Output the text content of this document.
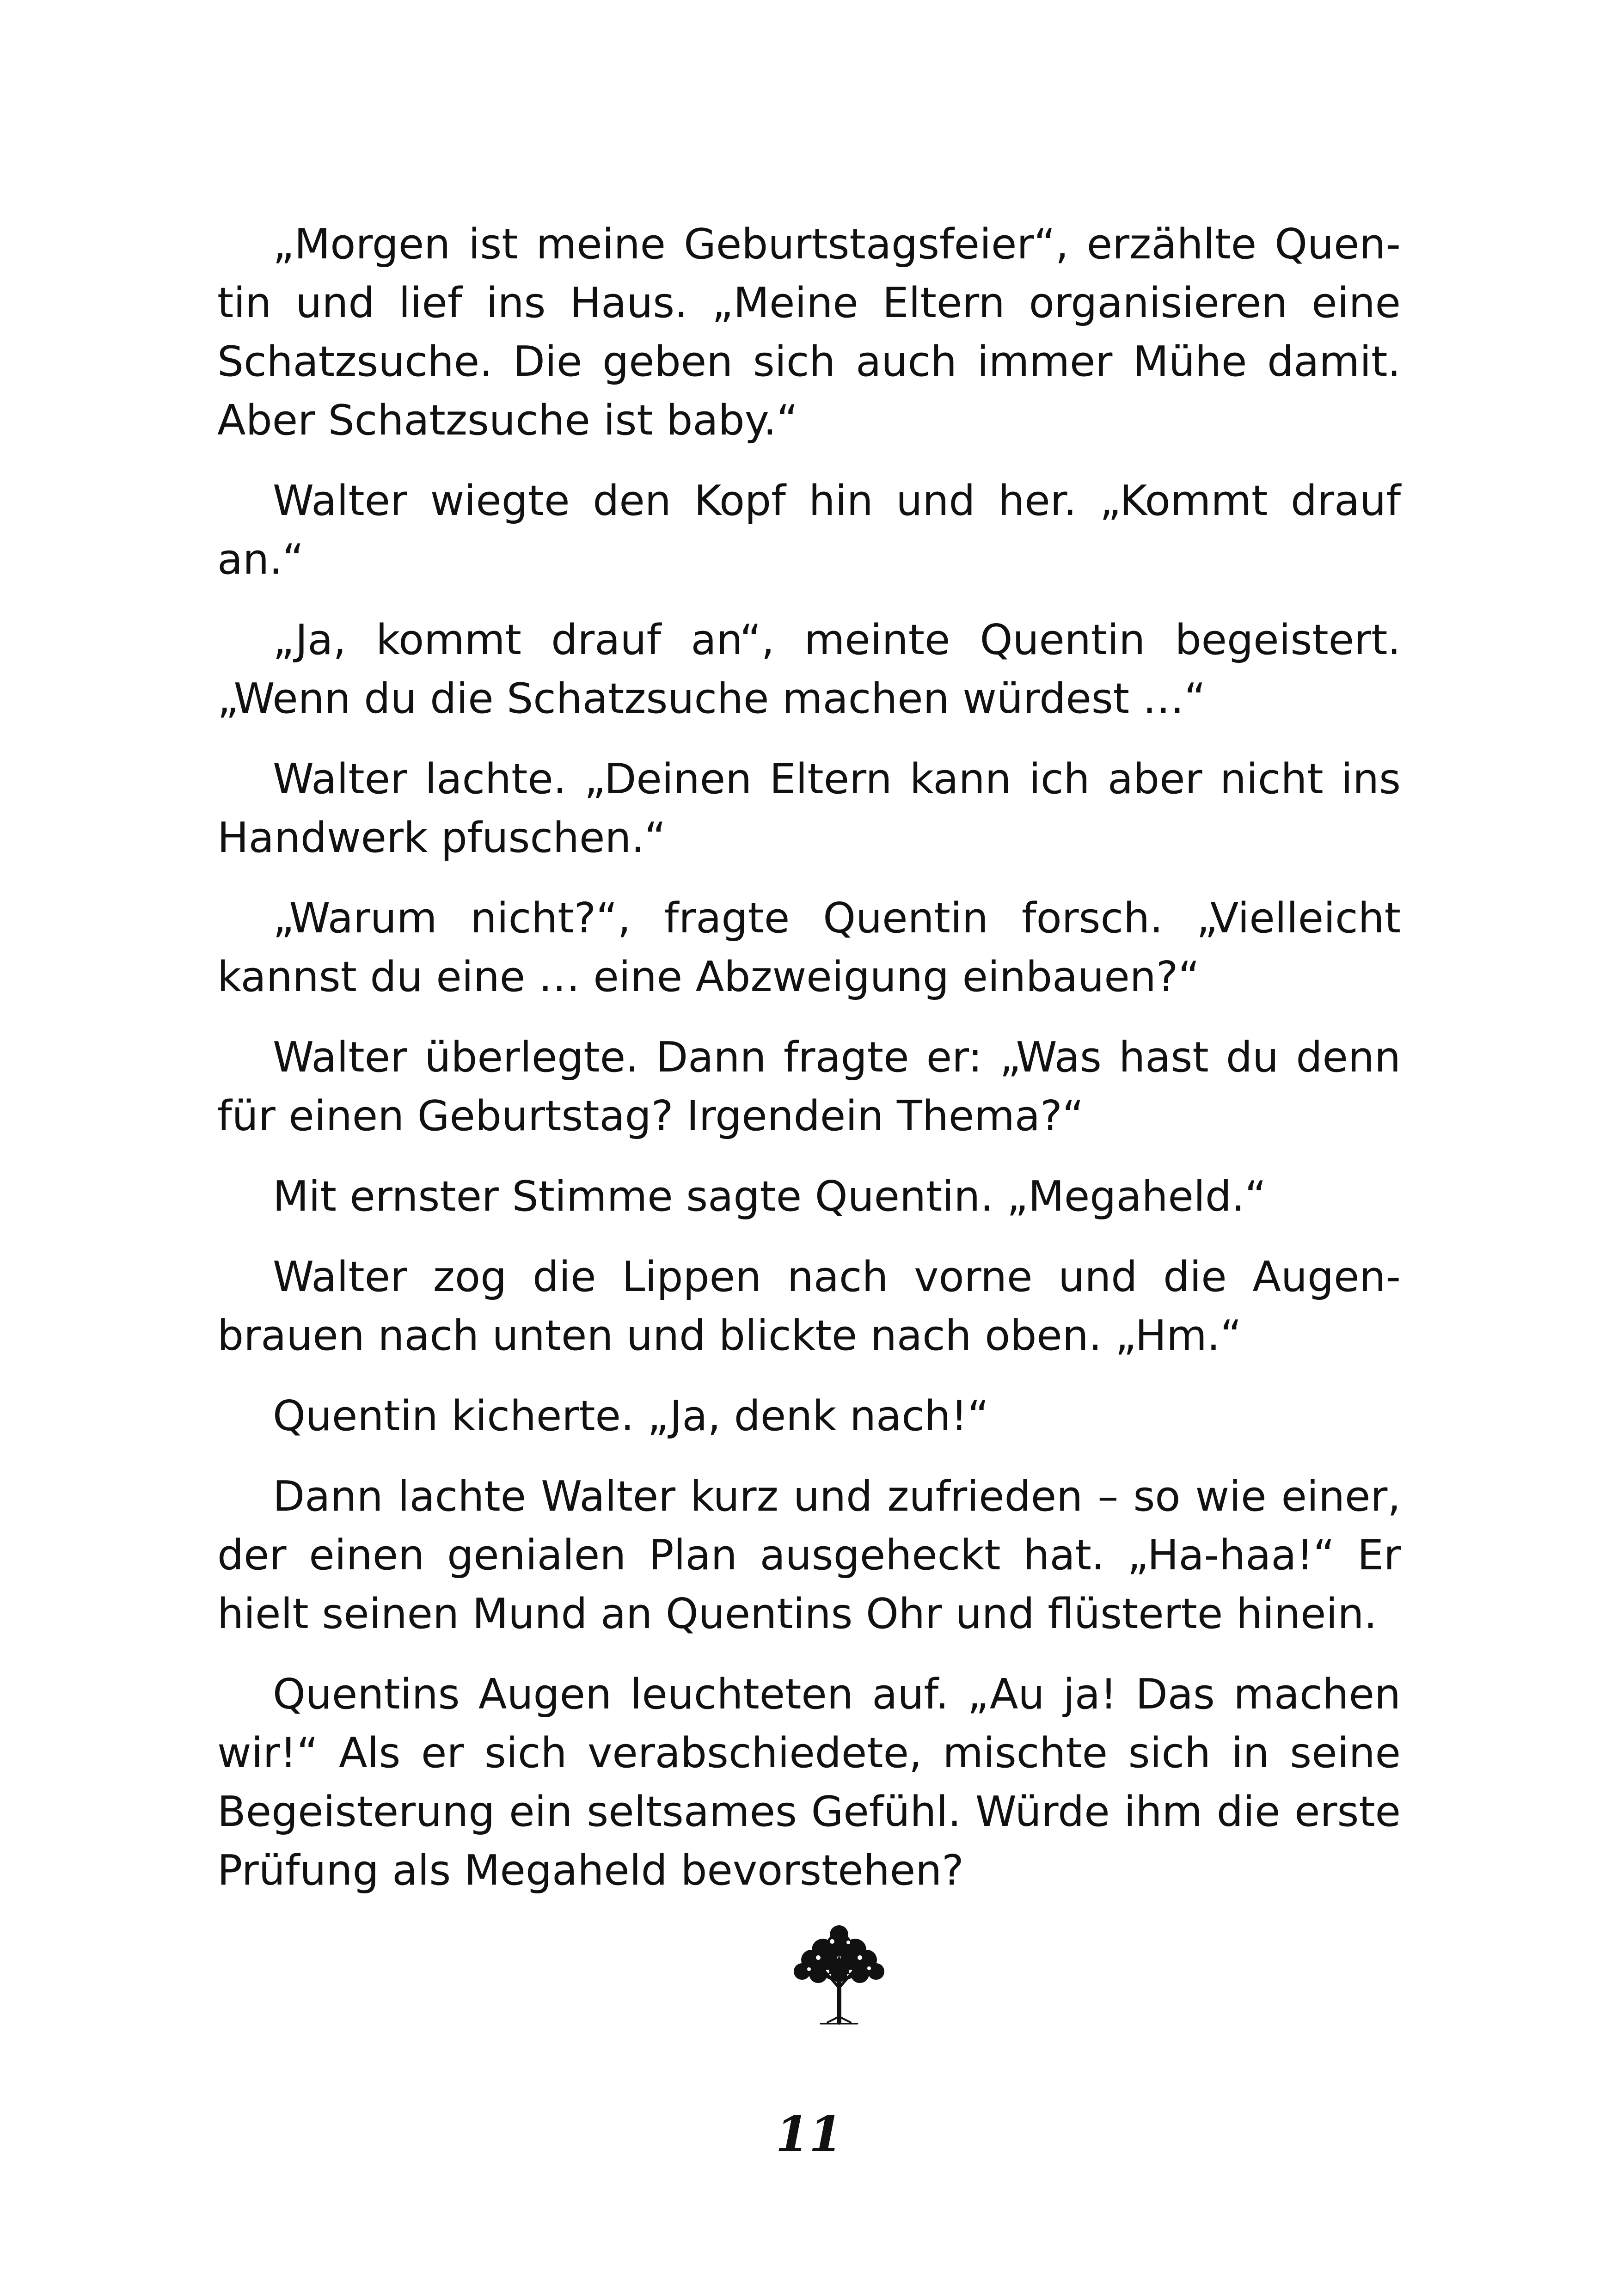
„Morgen ist meine Geburtstagsfeier“, erzählte Quentin und lief ins Haus. „Meine Eltern organisieren eine Schatzsuche. Die geben sich auch immer Mühe damit. Aber Schatzsuche ist baby.“

Walter wiegte den Kopf hin und her. „Kommt drauf an.“

„Ja, kommt drauf an“, meinte Quentin begeistert. „Wenn du die Schatzsuche machen würdest …“

Walter lachte. „Deinen Eltern kann ich aber nicht ins Handwerk pfuschen.“

„Warum nicht?“, fragte Quentin forsch. „Vielleicht kannst du eine … eine Abzweigung einbauen?“

Walter überlegte. Dann fragte er: „Was hast du denn für einen Geburtstag? Irgendein Thema?“

Mit ernster Stimme sagte Quentin. „Megaheld.“

Walter zog die Lippen nach vorne und die Augenbrauen nach unten und blickte nach oben. „Hm.“

Quentin kicherte. „Ja, denk nach!“

Dann lachte Walter kurz und zufrieden – so wie einer, der einen genialen Plan ausgeheckt hat. „Ha-haa!“ Er hielt seinen Mund an Quentins Ohr und flüsterte hinein.

Quentins Augen leuchteten auf. „Au ja! Das machen wir!“ Als er sich verabschiedete, mischte sich in seine Begeisterung ein seltsames Gefühl. Würde ihm die erste Prüfung als Megaheld bevorstehen?

11
